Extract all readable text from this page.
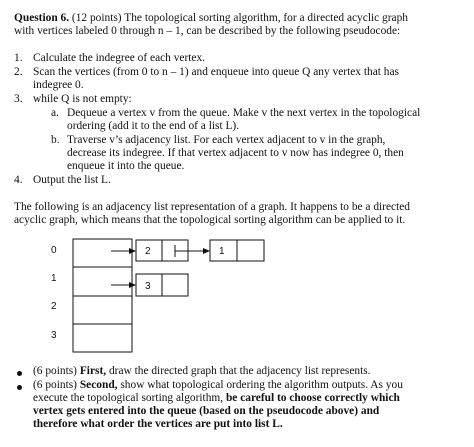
Question 6. (12 points) The topological sorting algorithm, for a directed acyclic graph
with vertices labeled 0 through n – 1, can be described by the following pseudocode:
1. Calculate the indegree of each vertex.
2. Scan the vertices (from 0 to n – 1) and enqueue into queue Q any vertex that has
indegree 0.
3. while Q is not empty:
a. Dequeue a vertex v from the queue. Make v the next vertex in the topological
ordering (add it to the end of a list L).
b. Traverse v’s adjacency list. For each vertex adjacent to v in the graph,
decrease its indegree. If that vertex adjacent to v now has indegree 0, then
enqueue it into the queue.
4. Output the list L.
The following is an adjacency list representation of a graph. It happens to be a directed
acyclic graph, which means that the topological sorting algorithm can be applied to it.
0
1
2
3
2	1
3
(6 points) First, draw the directed graph that the adjacency list represents.
(6 points) Second, show what topological ordering the algorithm outputs. As you
execute the topological sorting algorithm, be careful to choose correctly which
vertex gets entered into the queue (based on the pseudocode above) and
therefore what order the vertices are put into list L.
